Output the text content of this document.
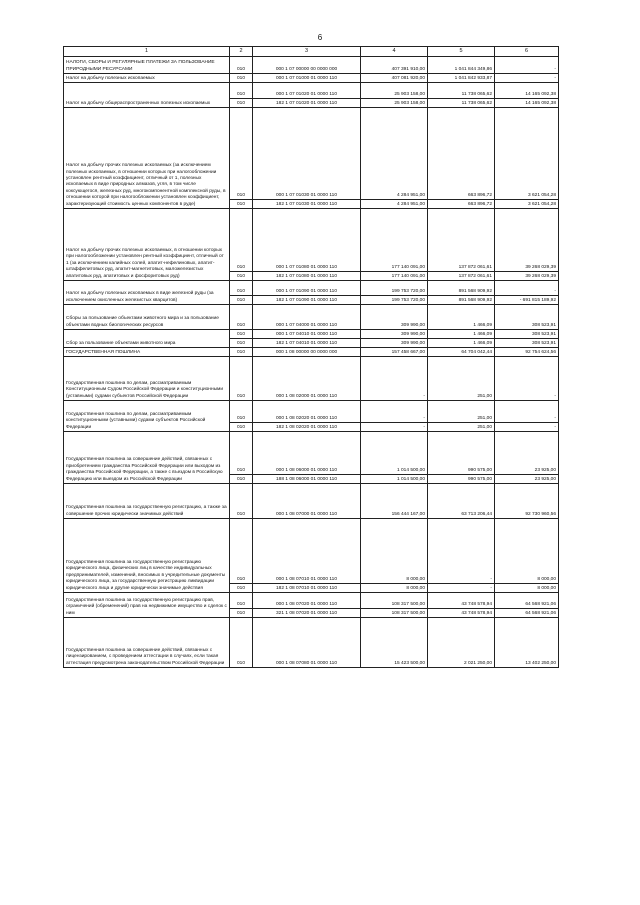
6
1	2	3	4	5	6
НАЛОГИ, СБОРЫ И РЕГУЛЯРНЫЕ ПЛАТЕЖИ ЗА ПОЛЬЗОВАНИЕ ПРИРОДНЫМИ РЕСУРСАМИ	010	000 1 07 00000 00 0000 000	407 391 910,00	1 041 844 349,86	-
Налог на добычу полезных ископаемых	010	000 1 07 01000 01 0000 110	407 081 920,00	1 041 842 933,87	-

Налог на добычу общераспространенных полезных ископаемых	010	000 1 07 01020 01 0000 110	25 903 158,00	11 738 065,62	14 165 092,38
	010	182 1 07 01020 01 0000 110	25 903 158,00	11 738 065,62	14 165 092,38

Налог на добычу прочих полезных ископаемых (за исключением полезных ископаемых, в отношении которых при налогообложении установлен рентный коэффициент, отличный от 1, полезных ископаемых в виде природных алмазов, угля, в том числе коксующегося, железных руд, многокомпонентной комплексной руды, в отношении которой при налогообложении установлен коэффициент, характеризующий стоимость ценных компонентов в руде)	010	000 1 07 01030 01 0000 110	4 284 951,00	663 896,72	3 621 054,28
	010	182 1 07 01030 01 0000 110	4 284 951,00	663 896,72	3 621 054,28

Налог на добычу прочих полезных ископаемых, в отношении которых при налогообложении установлен рентный коэффициент, отличный от 1 (за исключением калийных солей, апатит-нефелиновых, апатит-штаффелитовых руд, апатит-магнетитовых, маложелезистых апатитовых руд, апатитовых и фосфоритовых руд)	010	000 1 07 01080 01 0000 110	177 140 091,00	137 872 061,61	39 268 029,39
	010	182 1 07 01080 01 0000 110	177 140 091,00	137 872 061,61	39 268 029,39

Налог на добычу полезных ископаемых в виде железной руды (за исключением окисленных железистых кварцитов)	010	000 1 07 01090 01 0000 110	199 753 720,00	891 568 909,92	-
	010	182 1 07 01090 01 0000 110	199 753 720,00	891 568 909,92	- 691 815 189,92
Сборы за пользование объектами животного мира и за пользование объектами водных биологических ресурсов	010	000 1 07 04000 01 0000 110	309 990,00	1 466,09	308 523,91

Сбор за пользование объектами животного мира	010	000 1 07 04010 01 0000 110	309 990,00	1 466,09	308 523,91
	010	182 1 07 04010 01 0000 110	309 990,00	1 466,09	308 523,91
ГОСУДАРСТВЕННАЯ ПОШЛИНА	010	000 1 08 00000 00 0000 000	157 458 667,00	64 704 042,44	92 754 624,56
Государственная пошлина по делам, рассматриваемым Конституционным Судом Российской Федерации и конституционными (уставными) судами субъектов Российской Федерации	010	000 1 08 02000 01 0000 110	-	251,00	-

Государственная пошлина по делам, рассматриваемым конституционными (уставными) судами субъектов Российской Федерации	010	000 1 08 02020 01 0000 110	-	251,00	-
	010	182 1 08 02020 01 0000 110	-	251,00	-

Государственная пошлина за совершение действий, связанных с приобретением гражданства Российской Федерации или выходом из гражданства Российской Федерации, а также с въездом в Российскую Федерацию или выездом из Российской Федерации	010	000 1 08 06000 01 0000 110	1 014 500,00	990 575,00	23 925,00
	010	188 1 08 06000 01 0000 110	1 014 500,00	990 575,00	23 925,00
Государственная пошлина за государственную регистрацию, а также за совершение прочих юридически значимых действий	010	000 1 08 07000 01 0000 110	156 444 167,00	63 713 206,44	92 730 960,56

Государственная пошлина за государственную регистрацию юридического лица, физических лиц в качестве индивидуальных предпринимателей, изменений, вносимых в учредительные документы юридического лица, за государственную регистрацию ликвидации юридического лица и другие юридически значимые действия	010	000 1 08 07010 01 0000 110	8 000,00	-	8 000,00
	010	182 1 08 07010 01 0000 110	8 000,00	-	8 000,00

Государственная пошлина за государственную регистрацию прав, ограничений (обременений) прав на недвижимое имущество и сделок с ним	010	000 1 08 07020 01 0000 110	108 317 500,00	43 748 578,94	64 568 921,06
	010	321 1 08 07020 01 0000 110	108 317 500,00	43 748 578,94	64 568 921,06
Государственная пошлина за совершение действий, связанных с лицензированием, с проведением аттестации в случаях, если такая аттестация предусмотрена законодательством Российской Федерации	010	000 1 08 07080 01 0000 110	15 423 500,00	2 021 250,00	13 402 250,00
